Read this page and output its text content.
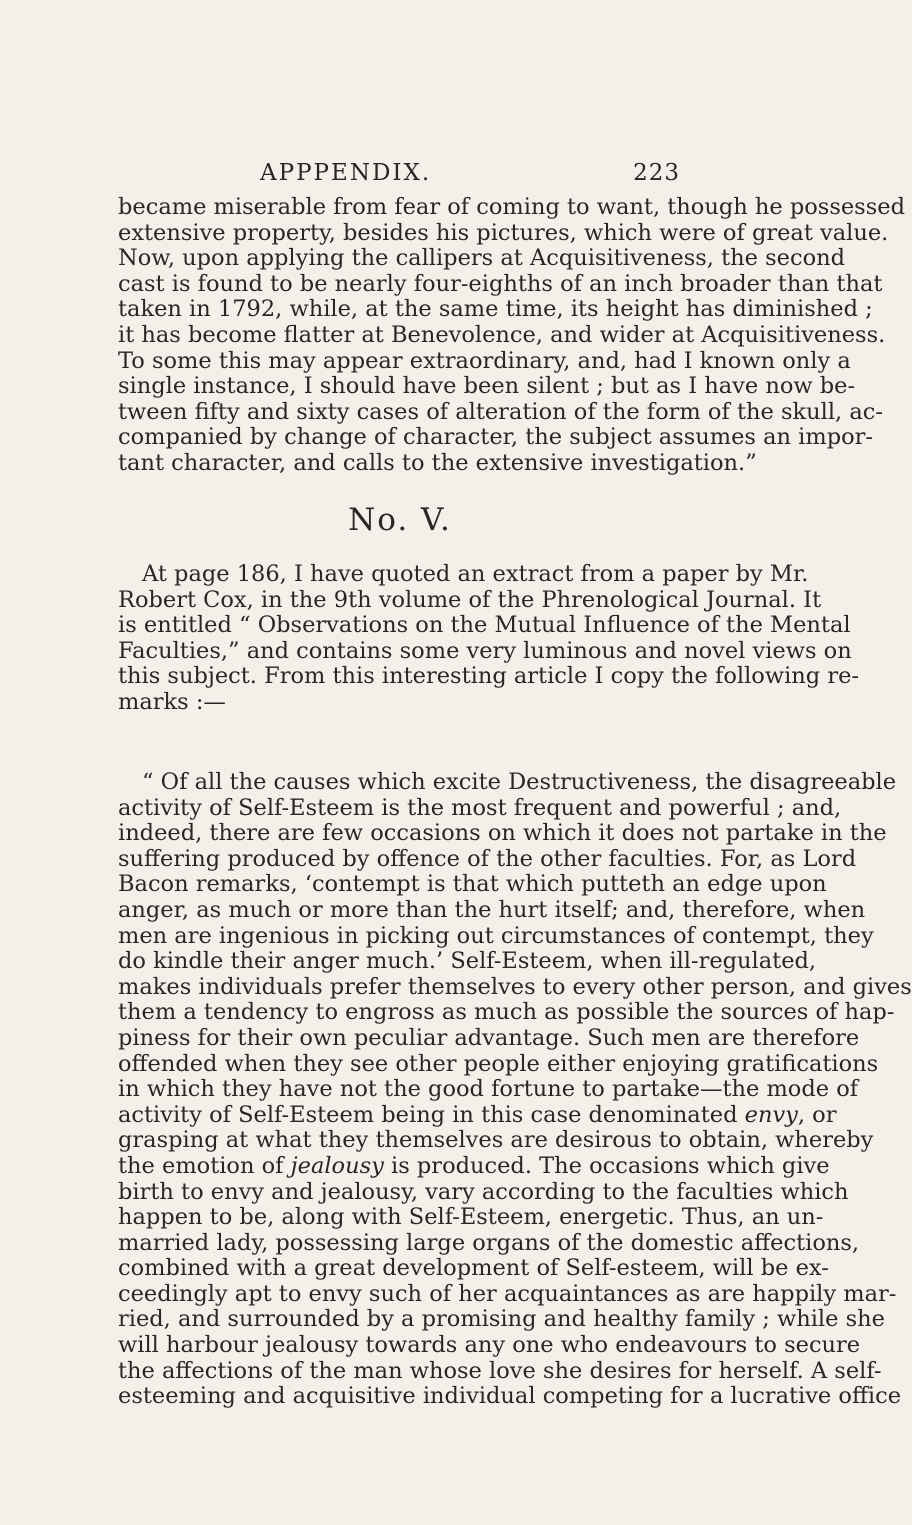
APPPENDIX.	223
became miserable from fear of coming to want, though he possessed
extensive property, besides his pictures, which were of great value.
Now, upon applying the callipers at Acquisitiveness, the second
cast is found to be nearly four-eighths of an inch broader than that
taken in 1792, while, at the same time, its height has diminished ;
it has become flatter at Benevolence, and wider at Acquisitiveness.
To some this may appear extraordinary, and, had I known only a
single instance, I should have been silent ; but as I have now be-
tween fifty and sixty cases of alteration of the form of the skull, ac-
companied by change of character, the subject assumes an impor-
tant character, and calls to the extensive investigation.”
No. V.
At page 186, I have quoted an extract from a paper by Mr.
Robert Cox, in the 9th volume of the Phrenological Journal. It
is entitled “ Observations on the Mutual Influence of the Mental
Faculties,” and contains some very luminous and novel views on
this subject. From this interesting article I copy the following re-
marks :—
“ Of all the causes which excite Destructiveness, the disagreeable
activity of Self-Esteem is the most frequent and powerful ; and,
indeed, there are few occasions on which it does not partake in the
suffering produced by offence of the other faculties. For, as Lord
Bacon remarks, ‘contempt is that which putteth an edge upon
anger, as much or more than the hurt itself; and, therefore, when
men are ingenious in picking out circumstances of contempt, they
do kindle their anger much.’ Self-Esteem, when ill-regulated,
makes individuals prefer themselves to every other person, and gives
them a tendency to engross as much as possible the sources of hap-
piness for their own peculiar advantage. Such men are therefore
offended when they see other people either enjoying gratifications
in which they have not the good fortune to partake—the mode of
activity of Self-Esteem being in this case denominated envy, or
grasping at what they themselves are desirous to obtain, whereby
the emotion of jealousy is produced. The occasions which give
birth to envy and jealousy, vary according to the faculties which
happen to be, along with Self-Esteem, energetic. Thus, an un-
married lady, possessing large organs of the domestic affections,
combined with a great development of Self-esteem, will be ex-
ceedingly apt to envy such of her acquaintances as are happily mar-
ried, and surrounded by a promising and healthy family ; while she
will harbour jealousy towards any one who endeavours to secure
the affections of the man whose love she desires for herself. A self-
esteeming and acquisitive individual competing for a lucrative office
